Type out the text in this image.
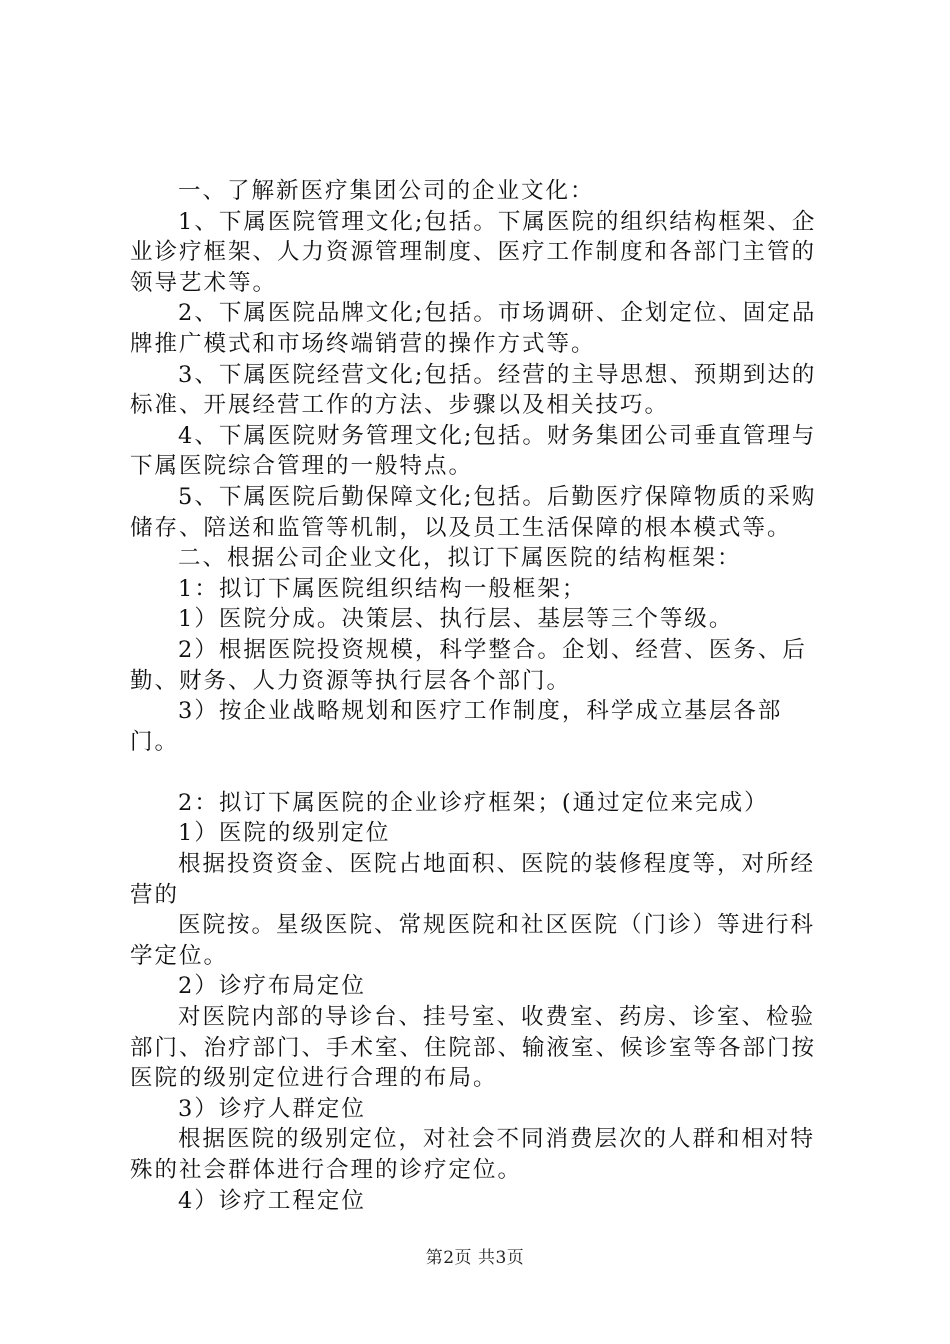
一、了解新医疗集团公司的企业文化：

1、下属医院管理文化;包括。下属医院的组织结构框架、企业诊疗框架、人力资源管理制度、医疗工作制度和各部门主管的领导艺术等。

2、下属医院品牌文化;包括。市场调研、企划定位、固定品牌推广模式和市场终端销营的操作方式等。

3、下属医院经营文化;包括。经营的主导思想、预期到达的标准、开展经营工作的方法、步骤以及相关技巧。

4、下属医院财务管理文化;包括。财务集团公司垂直管理与下属医院综合管理的一般特点。

5、下属医院后勤保障文化;包括。后勤医疗保障物质的采购储存、陪送和监管等机制，以及员工生活保障的根本模式等。

二、根据公司企业文化，拟订下属医院的结构框架：

1：拟订下属医院组织结构一般框架；

1）医院分成。决策层、执行层、基层等三个等级。

2）根据医院投资规模，科学整合。企划、经营、医务、后勤、财务、人力资源等执行层各个部门。

3）按企业战略规划和医疗工作制度，科学成立基层各部门。

2：拟订下属医院的企业诊疗框架；(通过定位来完成）

1）医院的级别定位

根据投资资金、医院占地面积、医院的装修程度等，对所经营的

医院按。星级医院、常规医院和社区医院（门诊）等进行科学定位。

2）诊疗布局定位

对医院内部的导诊台、挂号室、收费室、药房、诊室、检验部门、治疗部门、手术室、住院部、输液室、候诊室等各部门按医院的级别定位进行合理的布局。

3）诊疗人群定位

根据医院的级别定位，对社会不同消费层次的人群和相对特殊的社会群体进行合理的诊疗定位。

4）诊疗工程定位

第2页 共3页
